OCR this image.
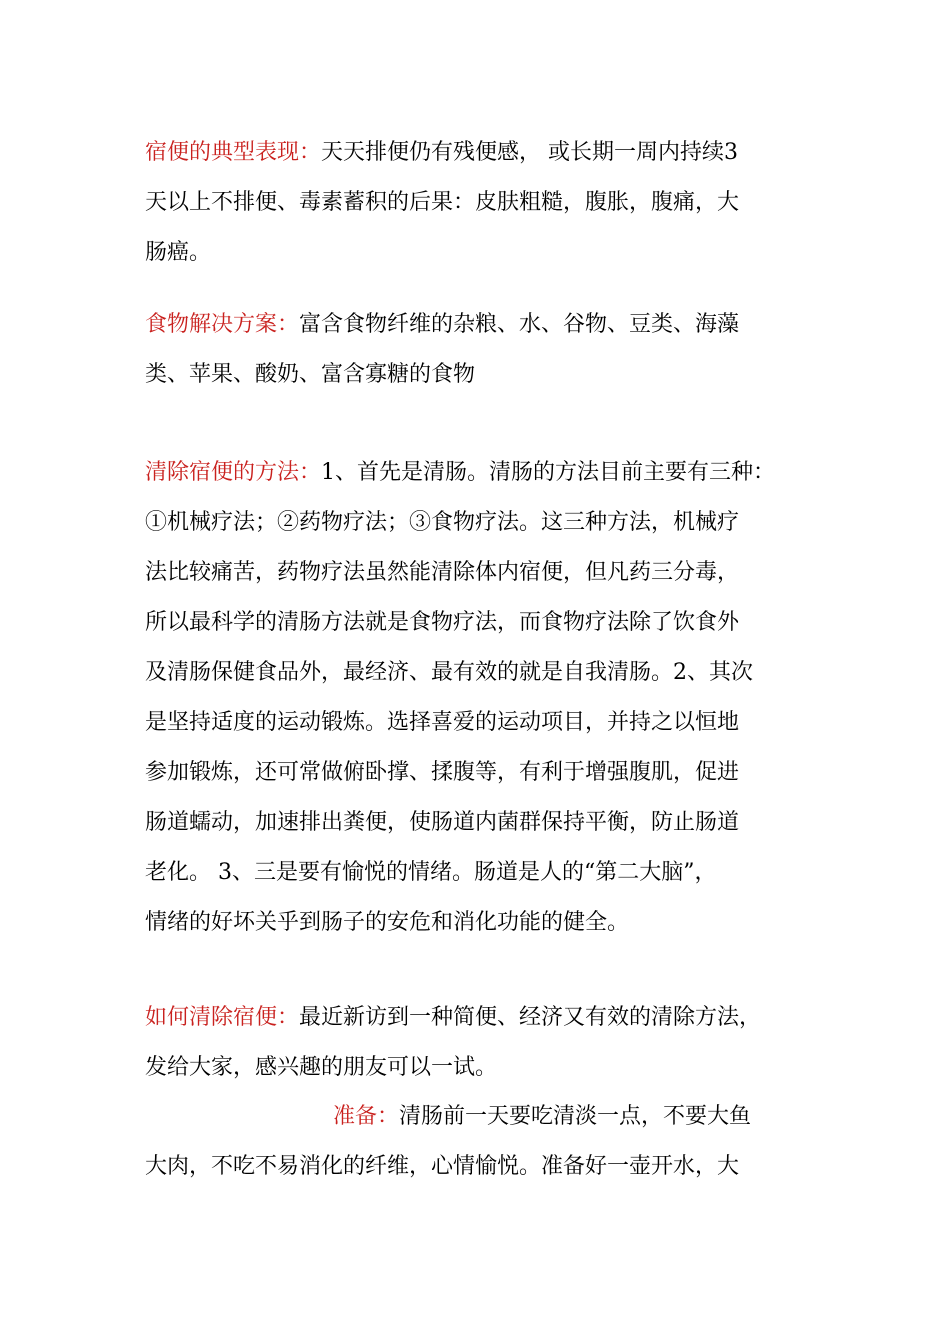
宿便的典型表现：天天排便仍有残便感， 或长期一周内持续3
天以上不排便、毒素蓄积的后果：皮肤粗糙，腹胀，腹痛，大
肠癌。
食物解决方案：富含食物纤维的杂粮、水、谷物、豆类、海藻
类、苹果、酸奶、富含寡糖的食物
清除宿便的方法：1、首先是清肠。清肠的方法目前主要有三种：
①机械疗法；②药物疗法；③食物疗法。这三种方法，机械疗
法比较痛苦，药物疗法虽然能清除体内宿便，但凡药三分毒，
所以最科学的清肠方法就是食物疗法，而食物疗法除了饮食外
及清肠保健食品外，最经济、最有效的就是自我清肠。2、其次
是坚持适度的运动锻炼。选择喜爱的运动项目，并持之以恒地
参加锻炼，还可常做俯卧撑、揉腹等，有利于增强腹肌，促进
肠道蠕动，加速排出粪便，使肠道内菌群保持平衡，防止肠道
老化。 3、三是要有愉悦的情绪。肠道是人的“第二大脑”，
情绪的好坏关乎到肠子的安危和消化功能的健全。
如何清除宿便：最近新访到一种简便、经济又有效的清除方法，
发给大家，感兴趣的朋友可以一试。
准备：清肠前一天要吃清淡一点，不要大鱼
大肉，不吃不易消化的纤维，心情愉悦。准备好一壶开水，大
